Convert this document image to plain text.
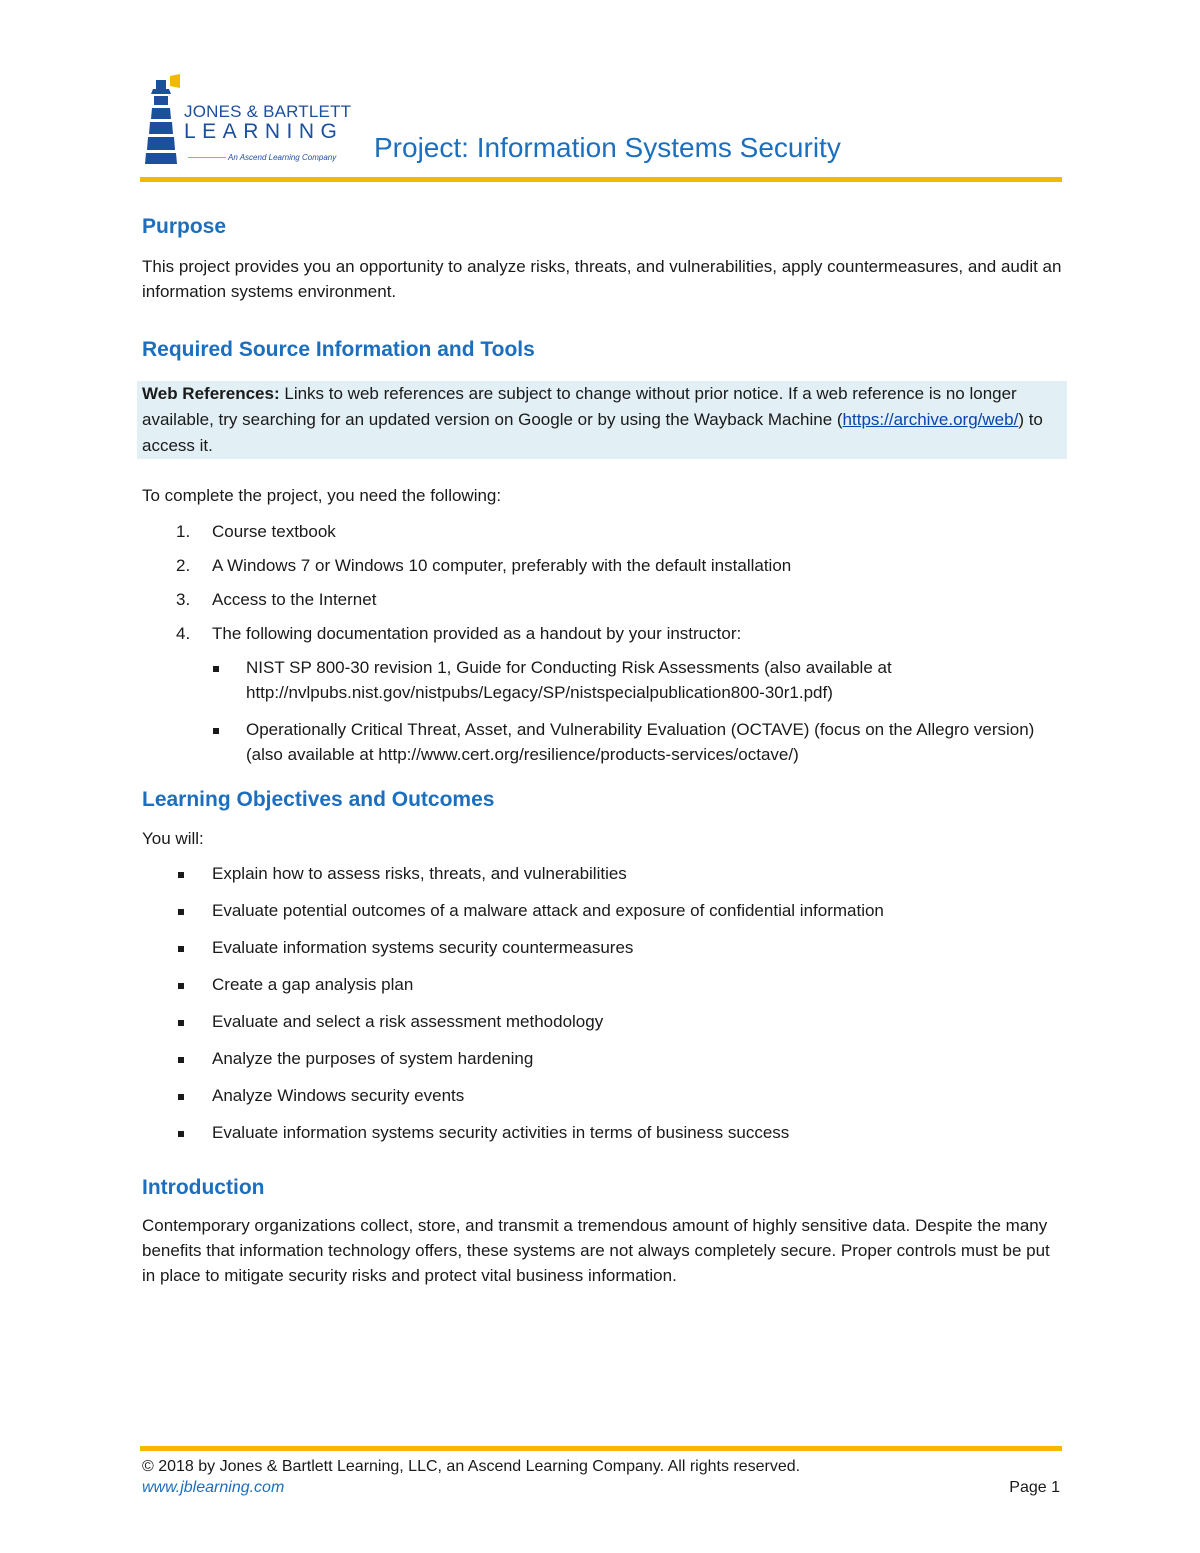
JONES & BARTLETT
LEARNING
An Ascend Learning Company Project: Information Systems Security
Purpose

This project provides you an opportunity to analyze risks, threats, and vulnerabilities, apply countermeasures, and audit an information systems environment.

Required Source Information and Tools
Web References: Links to web references are subject to change without prior notice. If a web reference is no longer available, try searching for an updated version on Google or by using the Wayback Machine (https://archive.org/web/) to access it.

To complete the project, you need the following:

1. Course textbook
2. A Windows 7 or Windows 10 computer, preferably with the default installation
3. Access to the Internet
4. The following documentation provided as a handout by your instructor:
NIST SP 800-30 revision 1, Guide for Conducting Risk Assessments (also available at http://nvlpubs.nist.gov/nistpubs/Legacy/SP/nistspecialpublication800-30r1.pdf)
Operationally Critical Threat, Asset, and Vulnerability Evaluation (OCTAVE) (focus on the Allegro version) (also available at http://www.cert.org/resilience/products-services/octave/)
Learning Objectives and Outcomes

You will:

Explain how to assess risks, threats, and vulnerabilities
Evaluate potential outcomes of a malware attack and exposure of confidential information
Evaluate information systems security countermeasures
Create a gap analysis plan
Evaluate and select a risk assessment methodology
Analyze the purposes of system hardening
Analyze Windows security events
Evaluate information systems security activities in terms of business success
Introduction

Contemporary organizations collect, store, and transmit a tremendous amount of highly sensitive data. Despite the many benefits that information technology offers, these systems are not always completely secure. Proper controls must be put in place to mitigate security risks and protect vital business information.

© 2018 by Jones & Bartlett Learning, LLC, an Ascend Learning Company. All rights reserved.
www.jblearning.com	Page 1
